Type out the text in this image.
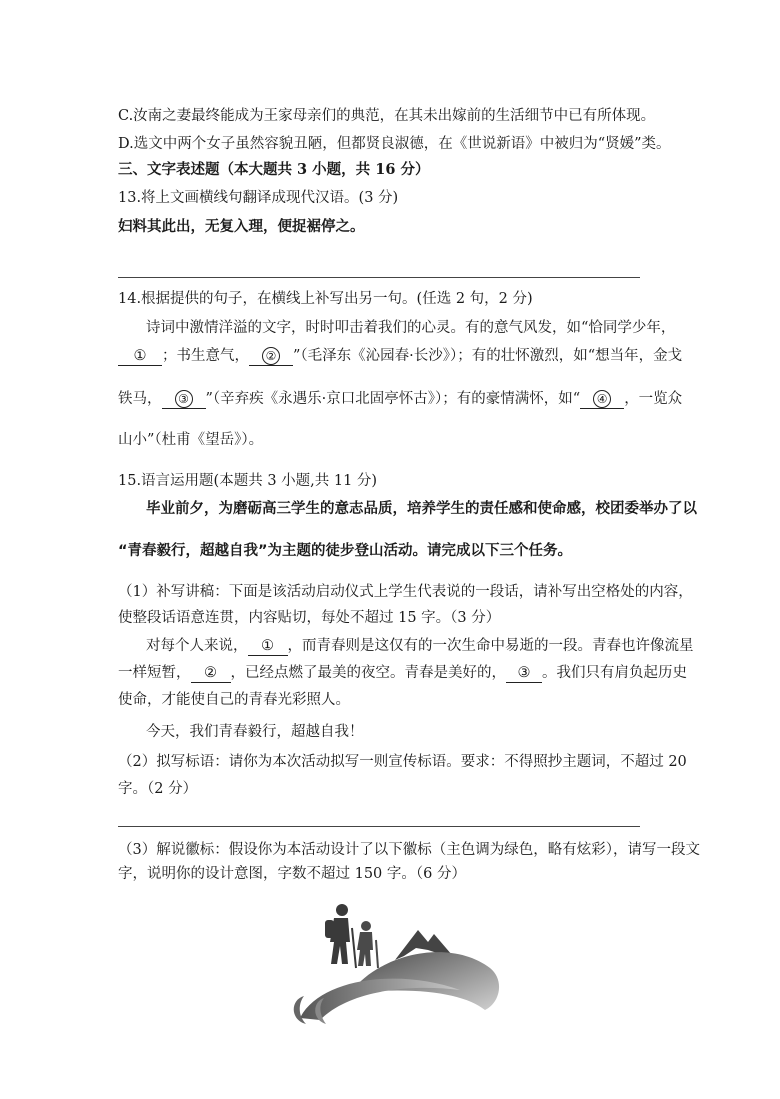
C.汝南之妻最终能成为王家母亲们的典范，在其未出嫁前的生活细节中已有所体现。
D.选文中两个女子虽然容貌丑陋，但都贤良淑德，在《世说新语》中被归为“贤媛”类。
三、文字表述题（本大题共 3 小题，共 16 分）
13.将上文画横线句翻译成现代汉语。(3 分)
妇料其此出，无复入理，便捉裾停之。
14.根据提供的句子，在横线上补写出另一句。(任选 2 句，2 分)
诗词中激情洋溢的文字，时时叩击着我们的心灵。有的意气风发，如“恰同学少年，
① ；书生意气， ② ”（毛泽东《沁园春·长沙》）；有的壮怀激烈，如“想当年，金戈
铁马， ③ ”（辛弃疾《永遇乐·京口北固亭怀古》）；有的豪情满怀，如“ ④ ，一览众
山小”（杜甫《望岳》）。
15.语言运用题(本题共 3 小题,共 11 分)
毕业前夕，为磨砺高三学生的意志品质，培养学生的责任感和使命感，校团委举办了以
“青春毅行，超越自我”为主题的徒步登山活动。请完成以下三个任务。
（1）补写讲稿：下面是该活动启动仪式上学生代表说的一段话，请补写出空格处的内容，
使整段话语意连贯，内容贴切，每处不超过 15 字。（3 分）
对每个人来说， ① ，而青春则是这仅有的一次生命中易逝的一段。青春也许像流星
一样短暂， ② ，已经点燃了最美的夜空。青春是美好的， ③ 。我们只有肩负起历史
使命，才能使自己的青春光彩照人。
今天，我们青春毅行，超越自我！
（2）拟写标语：请你为本次活动拟写一则宣传标语。要求：不得照抄主题词，不超过 20
字。（2 分）
（3）解说徽标：假设你为本活动设计了以下徽标（主色调为绿色，略有炫彩），请写一段文
字，说明你的设计意图，字数不超过 150 字。（6 分）
